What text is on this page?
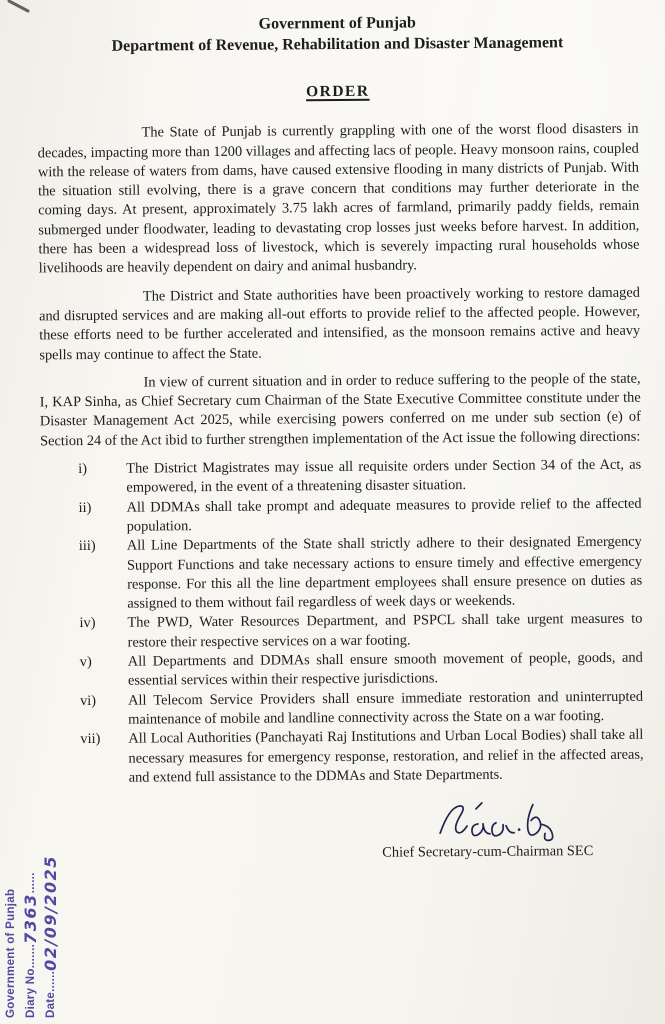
Government of Punjab
Department of Revenue, Rehabilitation and Disaster Management
ORDER

The State of Punjab is currently grappling with one of the worst flood disasters in decades, impacting more than 1200 villages and affecting lacs of people. Heavy monsoon rains, coupled with the release of waters from dams, have caused extensive flooding in many districts of Punjab. With the situation still evolving, there is a grave concern that conditions may further deteriorate in the coming days. At present, approximately 3.75 lakh acres of farmland, primarily paddy fields, remain submerged under floodwater, leading to devastating crop losses just weeks before harvest. In addition, there has been a widespread loss of livestock, which is severely impacting rural households whose livelihoods are heavily dependent on dairy and animal husbandry.

The District and State authorities have been proactively working to restore damaged and disrupted services and are making all-out efforts to provide relief to the affected people. However, these efforts need to be further accelerated and intensified, as the monsoon remains active and heavy spells may continue to affect the State.

In view of current situation and in order to reduce suffering to the people of the state, I, KAP Sinha, as Chief Secretary cum Chairman of the State Executive Committee constitute under the Disaster Management Act 2025, while exercising powers conferred on me under sub section (e) of Section 24 of the Act ibid to further strengthen implementation of the Act issue the following directions:

i)	The District Magistrates may issue all requisite orders under Section 34 of the Act, as empowered, in the event of a threatening disaster situation.
ii)	All DDMAs shall take prompt and adequate measures to provide relief to the affected population.
iii)	All Line Departments of the State shall strictly adhere to their designated Emergency Support Functions and take necessary actions to ensure timely and effective emergency response. For this all the line department employees shall ensure presence on duties as assigned to them without fail regardless of week days or weekends.
iv)	The PWD, Water Resources Department, and PSPCL shall take urgent measures to restore their respective services on a war footing.
v)	All Departments and DDMAs shall ensure smooth movement of people, goods, and essential services within their respective jurisdictions.
vi)	All Telecom Service Providers shall ensure immediate restoration and uninterrupted maintenance of mobile and landline connectivity across the State on a war footing.
vii)	All Local Authorities (Panchayati Raj Institutions and Urban Local Bodies) shall take all necessary measures for emergency response, restoration, and relief in the affected areas, and extend full assistance to the DDMAs and State Departments.
Chief Secretary-cum-Chairman SEC
Government of Punjab Diary No.......7363......
Date......02/09/2025
